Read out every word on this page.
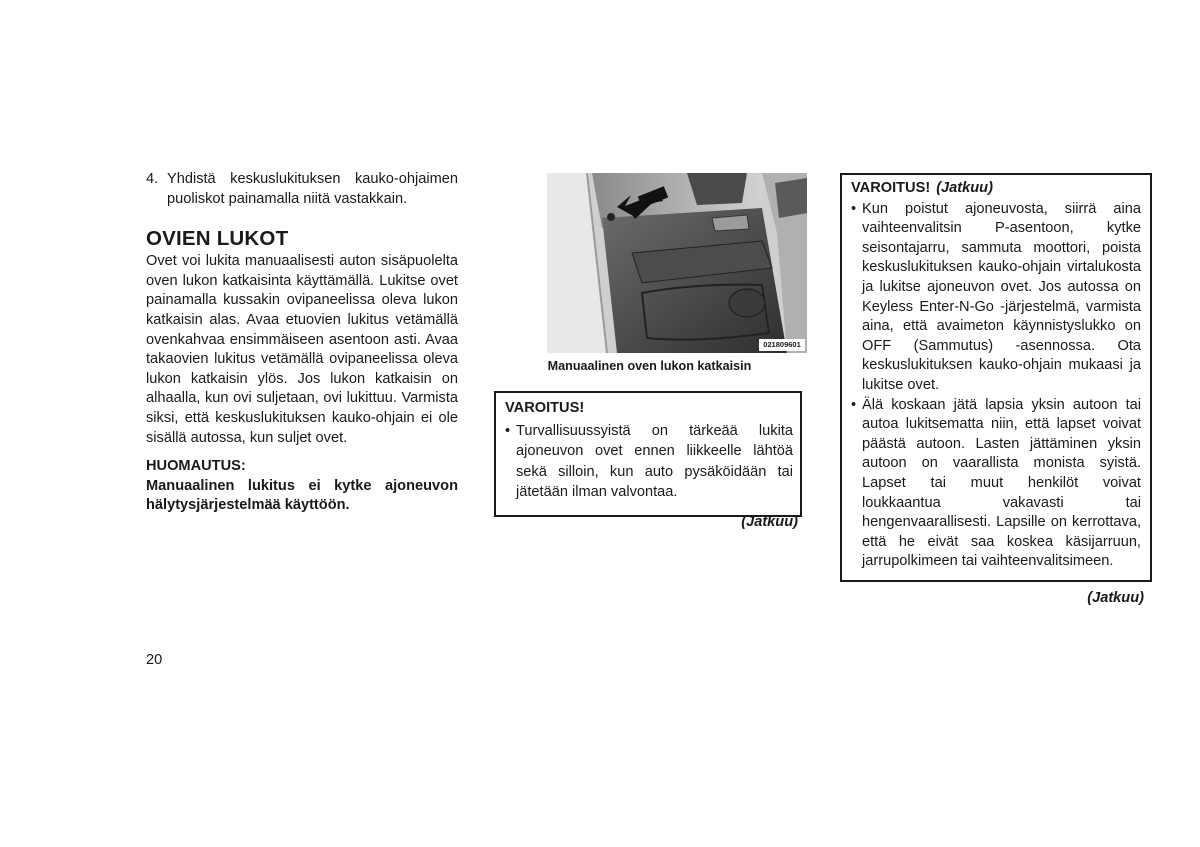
4. Yhdistä keskuslukituksen kauko-ohjaimen puoliskot painamalla niitä vastakkain.
OVIEN LUKOT
Ovet voi lukita manuaalisesti auton sisäpuolelta oven lukon katkaisinta käyttämällä. Lukitse ovet painamalla kussakin ovipaneelissa oleva lukon katkaisin alas. Avaa etuovien lukitus vetämällä ovenkahvaa ensimmäiseen asentoon asti. Avaa takaovien lukitus vetämällä ovipaneelissa oleva lukon katkaisin ylös. Jos lukon katkaisin on alhaalla, kun ovi suljetaan, ovi lukittuu. Varmista siksi, että keskuslukituksen kauko-ohjain ei ole sisällä autossa, kun suljet ovet.
HUOMAUTUS:
Manuaalinen lukitus ei kytke ajoneuvon hälytysjärjestelmää käyttöön.
021809601
Manuaalinen oven lukon katkaisin
VAROITUS!
• Turvallisuussyistä on tärkeää lukita ajoneuvon ovet ennen liikkeelle lähtöä sekä silloin, kun auto pysäköidään tai jätetään ilman valvontaa.
(Jatkuu)
VAROITUS! (Jatkuu)
• Kun poistut ajoneuvosta, siirrä aina vaihteenvalitsin P-asentoon, kytke seisontajarru, sammuta moottori, poista keskuslukituksen kauko-ohjain virtalukosta ja lukitse ajoneuvon ovet. Jos autossa on Keyless Enter-N-Go -järjestelmä, varmista aina, että avaimeton käynnistyslukko on OFF (Sammutus) -asennossa. Ota keskuslukituksen kauko-ohjain mukaasi ja lukitse ovet.
• Älä koskaan jätä lapsia yksin autoon tai autoa lukitsematta niin, että lapset voivat päästä autoon. Lasten jättäminen yksin autoon on vaarallista monista syistä. Lapset tai muut henkilöt voivat loukkaantua vakavasti tai hengenvaarallisesti. Lapsille on kerrottava, että he eivät saa koskea käsijarruun, jarrupolkimeen tai vaihteenvalitsimeen.
(Jatkuu)
20
